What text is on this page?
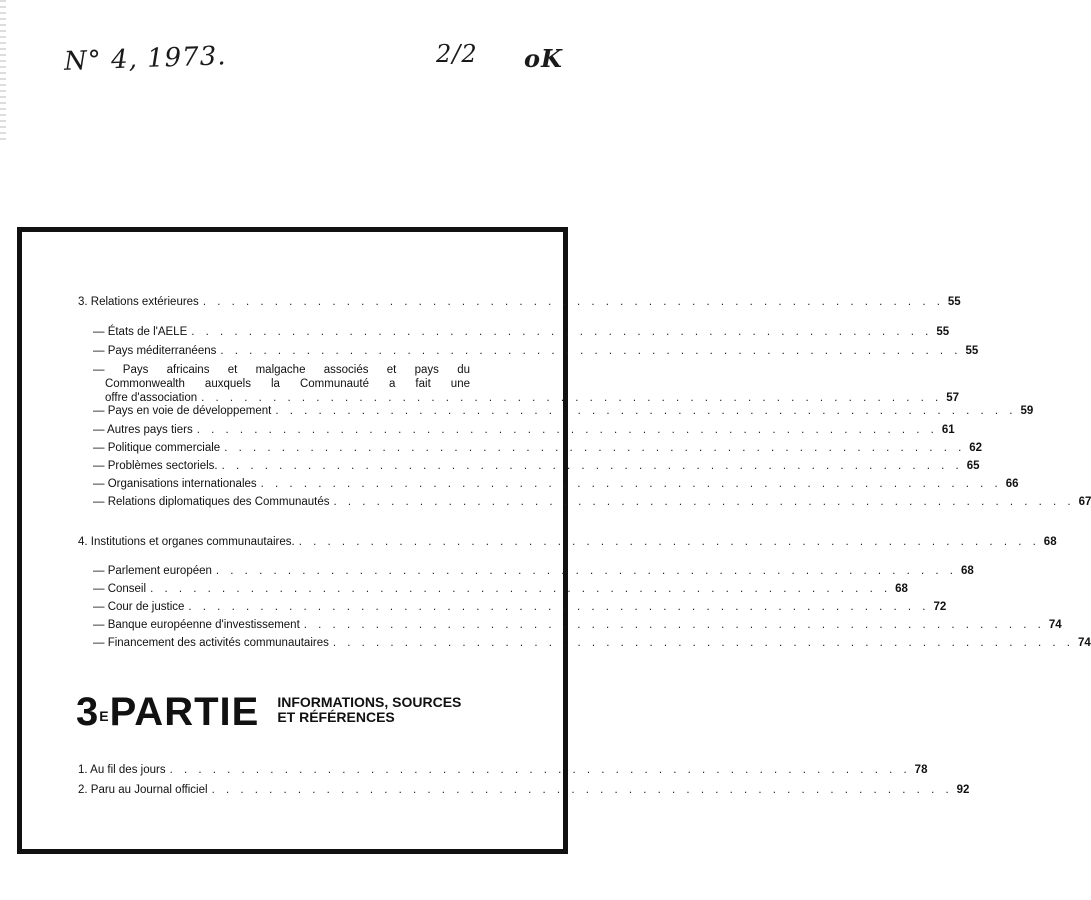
N° 4, 1973.	2/2 oK
3. Relations extérieures . . . . . . . . . . . . . . . . . . . . . . . . . . . . . . . . . . . . . . . . . . . . . . . . . . . . 55
— États de l'AELE . . . . . . . . . . . . . . . . . . . . . . . . . . . . . . . . . . . . . . . . . . . . . . . . . . . . 55
— Pays méditerranéens . . . . . . . . . . . . . . . . . . . . . . . . . . . . . . . . . . . . . . . . . . . . . . . . . . . . 55
— Pays africains et malgache associés et pays du
Commonwealth auxquels la Communauté a fait une
offre d'association . . . . . . . . . . . . . . . . . . . . . . . . . . . . . . . . . . . . . . . . . . . . . . . . . . . . 57
— Pays en voie de développement . . . . . . . . . . . . . . . . . . . . . . . . . . . . . . . . . . . . . . . . . . . . . . . . . . . . 59
— Autres pays tiers . . . . . . . . . . . . . . . . . . . . . . . . . . . . . . . . . . . . . . . . . . . . . . . . . . . . 61
— Politique commerciale . . . . . . . . . . . . . . . . . . . . . . . . . . . . . . . . . . . . . . . . . . . . . . . . . . . . 62
— Problèmes sectoriels. . . . . . . . . . . . . . . . . . . . . . . . . . . . . . . . . . . . . . . . . . . . . . . . . . . . . 65
— Organisations internationales . . . . . . . . . . . . . . . . . . . . . . . . . . . . . . . . . . . . . . . . . . . . . . . . . . . . 66
— Relations diplomatiques des Communautés . . . . . . . . . . . . . . . . . . . . . . . . . . . . . . . . . . . . . . . . . . . . . . . . . . . . 67
4. Institutions et organes communautaires. . . . . . . . . . . . . . . . . . . . . . . . . . . . . . . . . . . . . . . . . . . . . . . . . . . . . 68
— Parlement européen . . . . . . . . . . . . . . . . . . . . . . . . . . . . . . . . . . . . . . . . . . . . . . . . . . . . 68
— Conseil . . . . . . . . . . . . . . . . . . . . . . . . . . . . . . . . . . . . . . . . . . . . . . . . . . . . 68
— Cour de justice . . . . . . . . . . . . . . . . . . . . . . . . . . . . . . . . . . . . . . . . . . . . . . . . . . . . 72
— Banque européenne d'investissement . . . . . . . . . . . . . . . . . . . . . . . . . . . . . . . . . . . . . . . . . . . . . . . . . . . . 74
— Financement des activités communautaires . . . . . . . . . . . . . . . . . . . . . . . . . . . . . . . . . . . . . . . . . . . . . . . . . . . . 74
$3^EPARTIE$ INFORMATIONS, SOURCES
ET RÉFÉRENCES
1. Au fil des jours . . . . . . . . . . . . . . . . . . . . . . . . . . . . . . . . . . . . . . . . . . . . . . . . . . . . 78
2. Paru au Journal officiel . . . . . . . . . . . . . . . . . . . . . . . . . . . . . . . . . . . . . . . . . . . . . . . . . . . . 92
